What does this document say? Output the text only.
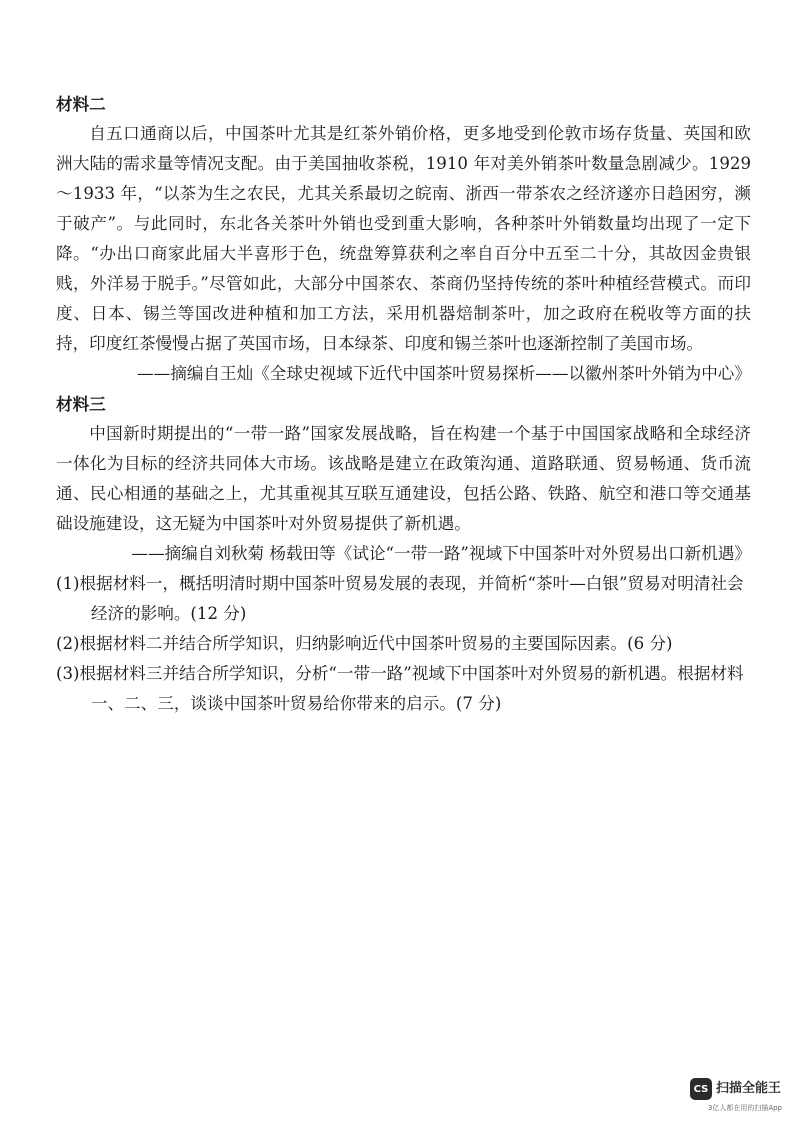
材料二

自五口通商以后，中国茶叶尤其是红茶外销价格，更多地受到伦敦市场存货量、英国和欧洲大陆的需求量等情况支配。由于美国抽收茶税，1910 年对美外销茶叶数量急剧减少。1929～1933 年，“以茶为生之农民，尤其关系最切之皖南、浙西一带茶农之经济遂亦日趋困穷，濒于破产”。与此同时，东北各关茶叶外销也受到重大影响，各种茶叶外销数量均出现了一定下降。“办出口商家此届大半喜形于色，统盘筹算获利之率自百分中五至二十分，其故因金贵银贱，外洋易于脱手。”尽管如此，大部分中国茶农、茶商仍坚持传统的茶叶种植经营模式。而印度、日本、锡兰等国改进种植和加工方法，采用机器焙制茶叶，加之政府在税收等方面的扶持，印度红茶慢慢占据了英国市场，日本绿茶、印度和锡兰茶叶也逐渐控制了美国市场。

——摘编自王灿《全球史视域下近代中国茶叶贸易探析——以徽州茶叶外销为中心》

材料三

中国新时期提出的“一带一路”国家发展战略，旨在构建一个基于中国国家战略和全球经济一体化为目标的经济共同体大市场。该战略是建立在政策沟通、道路联通、贸易畅通、货币流通、民心相通的基础之上，尤其重视其互联互通建设，包括公路、铁路、航空和港口等交通基础设施建设，这无疑为中国茶叶对外贸易提供了新机遇。

——摘编自刘秋菊 杨载田等《试论“一带一路”视域下中国茶叶对外贸易出口新机遇》

(1)根据材料一，概括明清时期中国茶叶贸易发展的表现，并简析“茶叶—白银”贸易对明清社会经济的影响。(12 分)
(2)根据材料二并结合所学知识，归纳影响近代中国茶叶贸易的主要国际因素。(6 分)
(3)根据材料三并结合所学知识，分析“一带一路”视域下中国茶叶对外贸易的新机遇。根据材料一、二、三，谈谈中国茶叶贸易给你带来的启示。(7 分)
CS 扫描全能王
3亿人都在用的扫描App
